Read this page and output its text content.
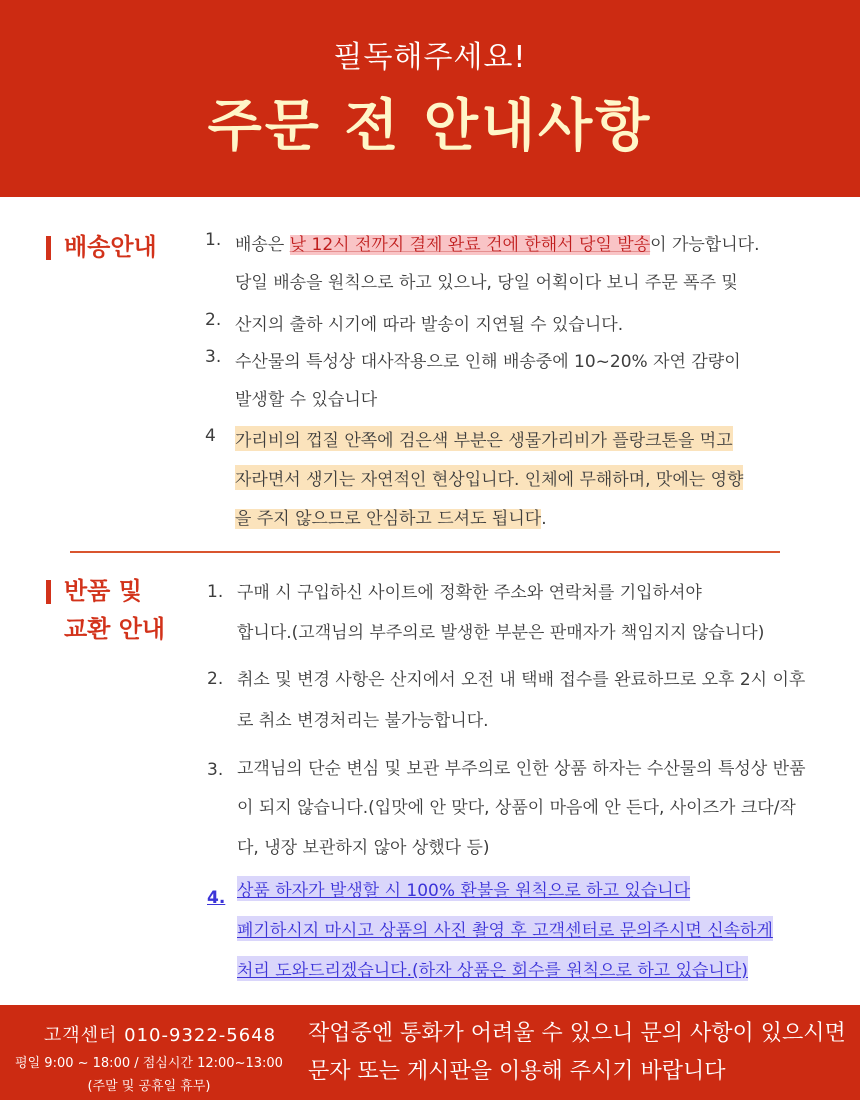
필독해주세요!
주문 전 안내사항
배송안내	1. 배송은 낮 12시 전까지 결제 완료 건에 한해서 당일 발송이 가능합니다.
당일 배송을 원칙으로 하고 있으나, 당일 어획이다 보니 주문 폭주 및
2. 산지의 출하 시기에 따라 발송이 지연될 수 있습니다.
3. 수산물의 특성상 대사작용으로 인해 배송중에 10~20% 자연 감량이
발생할 수 있습니다
4	가리비의 껍질 안쪽에 검은색 부분은 생물가리비가 플랑크톤을 먹고
자라면서 생기는 자연적인 현상입니다. 인체에 무해하며, 맛에는 영향
을 주지 않으므로 안심하고 드셔도 됩니다.
반품 및
교환 안내
1. 구매 시 구입하신 사이트에 정확한 주소와 연락처를 기입하셔야
합니다.(고객님의 부주의로 발생한 부분은 판매자가 책임지지 않습니다)
2. 취소 및 변경 사항은 산지에서 오전 내 택배 접수를 완료하므로 오후 2시 이후
로 취소 변경처리는 불가능합니다.
3. 고객님의 단순 변심 및 보관 부주의로 인한 상품 하자는 수산물의 특성상 반품
이 되지 않습니다.(입맛에 안 맞다, 상품이 마음에 안 든다, 사이즈가 크다/작
다, 냉장 보관하지 않아 상했다 등)
4. 상품 하자가 발생할 시 100% 환불을 원칙으로 하고 있습니다
폐기하시지 마시고 상품의 사진 촬영 후 고객센터로 문의주시면 신속하게
처리 도와드리겠습니다.(하자 상품은 회수를 원칙으로 하고 있습니다)
고객센터 010-9322-5648
평일 9:00 ~ 18:00 / 점심시간 12:00~13:00
(주말 및 공휴일 휴무)
작업중엔 통화가 어려울 수 있으니 문의 사항이 있으시면
문자 또는 게시판을 이용해 주시기 바랍니다
